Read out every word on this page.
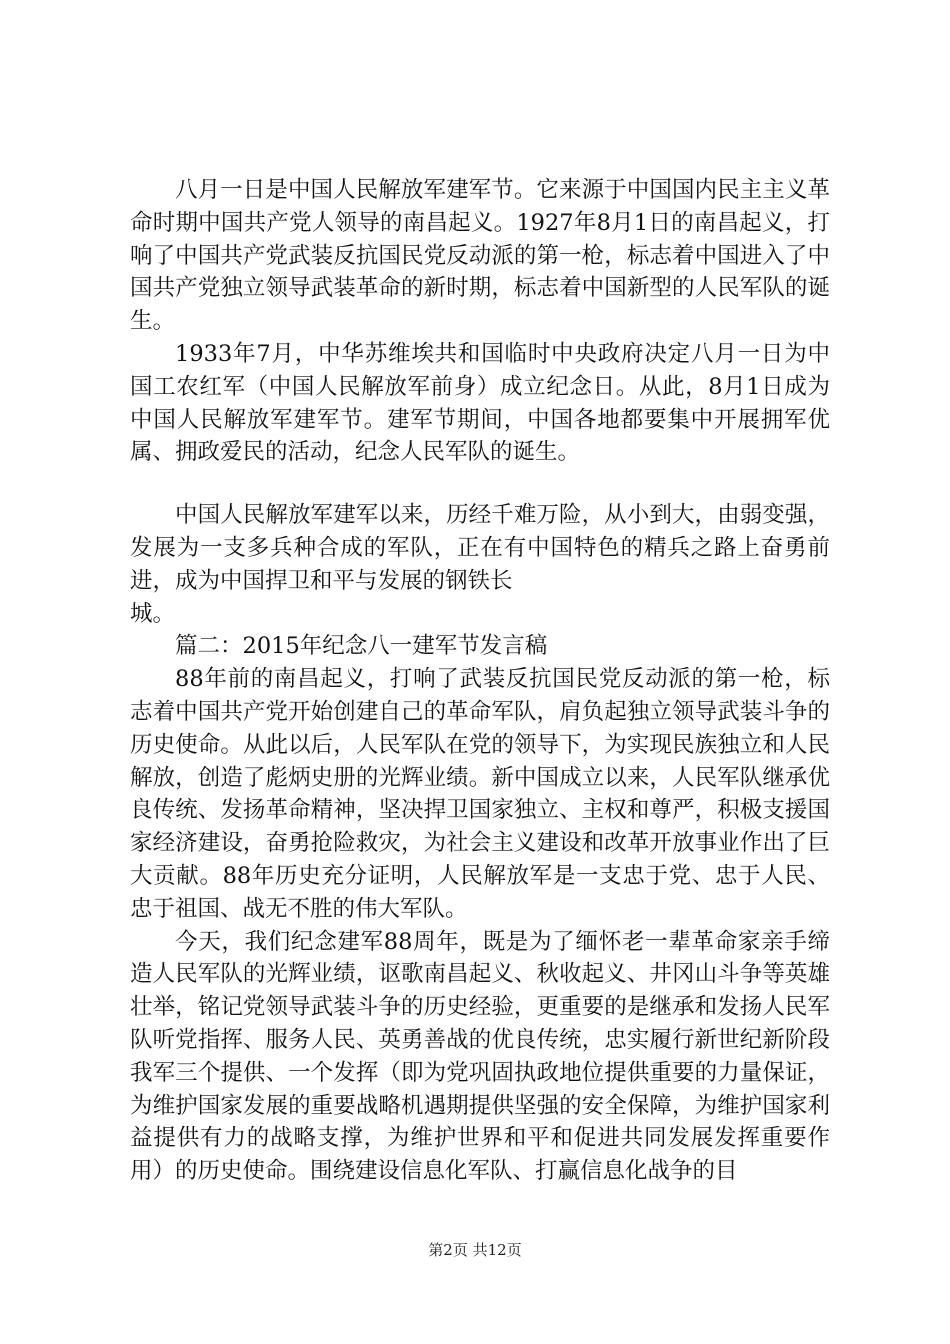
八月一日是中国人民解放军建军节。它来源于中国国内民主主义革命时期中国共产党人领导的南昌起义。1927年8月1日的南昌起义，打响了中国共产党武装反抗国民党反动派的第一枪，标志着中国进入了中国共产党独立领导武装革命的新时期，标志着中国新型的人民军队的诞生。

1933年7月，中华苏维埃共和国临时中央政府决定八月一日为中国工农红军（中国人民解放军前身）成立纪念日。从此，8月1日成为中国人民解放军建军节。建军节期间，中国各地都要集中开展拥军优属、拥政爱民的活动，纪念人民军队的诞生。

中国人民解放军建军以来，历经千难万险，从小到大，由弱变强，发展为一支多兵种合成的军队，正在有中国特色的精兵之路上奋勇前进，成为中国捍卫和平与发展的钢铁长

城。

篇二：2015年纪念八一建军节发言稿

88年前的南昌起义，打响了武装反抗国民党反动派的第一枪，标志着中国共产党开始创建自己的革命军队，肩负起独立领导武装斗争的历史使命。从此以后，人民军队在党的领导下，为实现民族独立和人民解放，创造了彪炳史册的光辉业绩。新中国成立以来，人民军队继承优良传统、发扬革命精神，坚决捍卫国家独立、主权和尊严，积极支援国家经济建设，奋勇抢险救灾，为社会主义建设和改革开放事业作出了巨大贡献。88年历史充分证明，人民解放军是一支忠于党、忠于人民、忠于祖国、战无不胜的伟大军队。

今天，我们纪念建军88周年，既是为了缅怀老一辈革命家亲手缔造人民军队的光辉业绩，讴歌南昌起义、秋收起义、井冈山斗争等英雄壮举，铭记党领导武装斗争的历史经验，更重要的是继承和发扬人民军队听党指挥、服务人民、英勇善战的优良传统，忠实履行新世纪新阶段我军三个提供、一个发挥（即为党巩固执政地位提供重要的力量保证，为维护国家发展的重要战略机遇期提供坚强的安全保障，为维护国家利益提供有力的战略支撑，为维护世界和平和促进共同发展发挥重要作用）的历史使命。围绕建设信息化军队、打赢信息化战争的目

第2页 共12页
